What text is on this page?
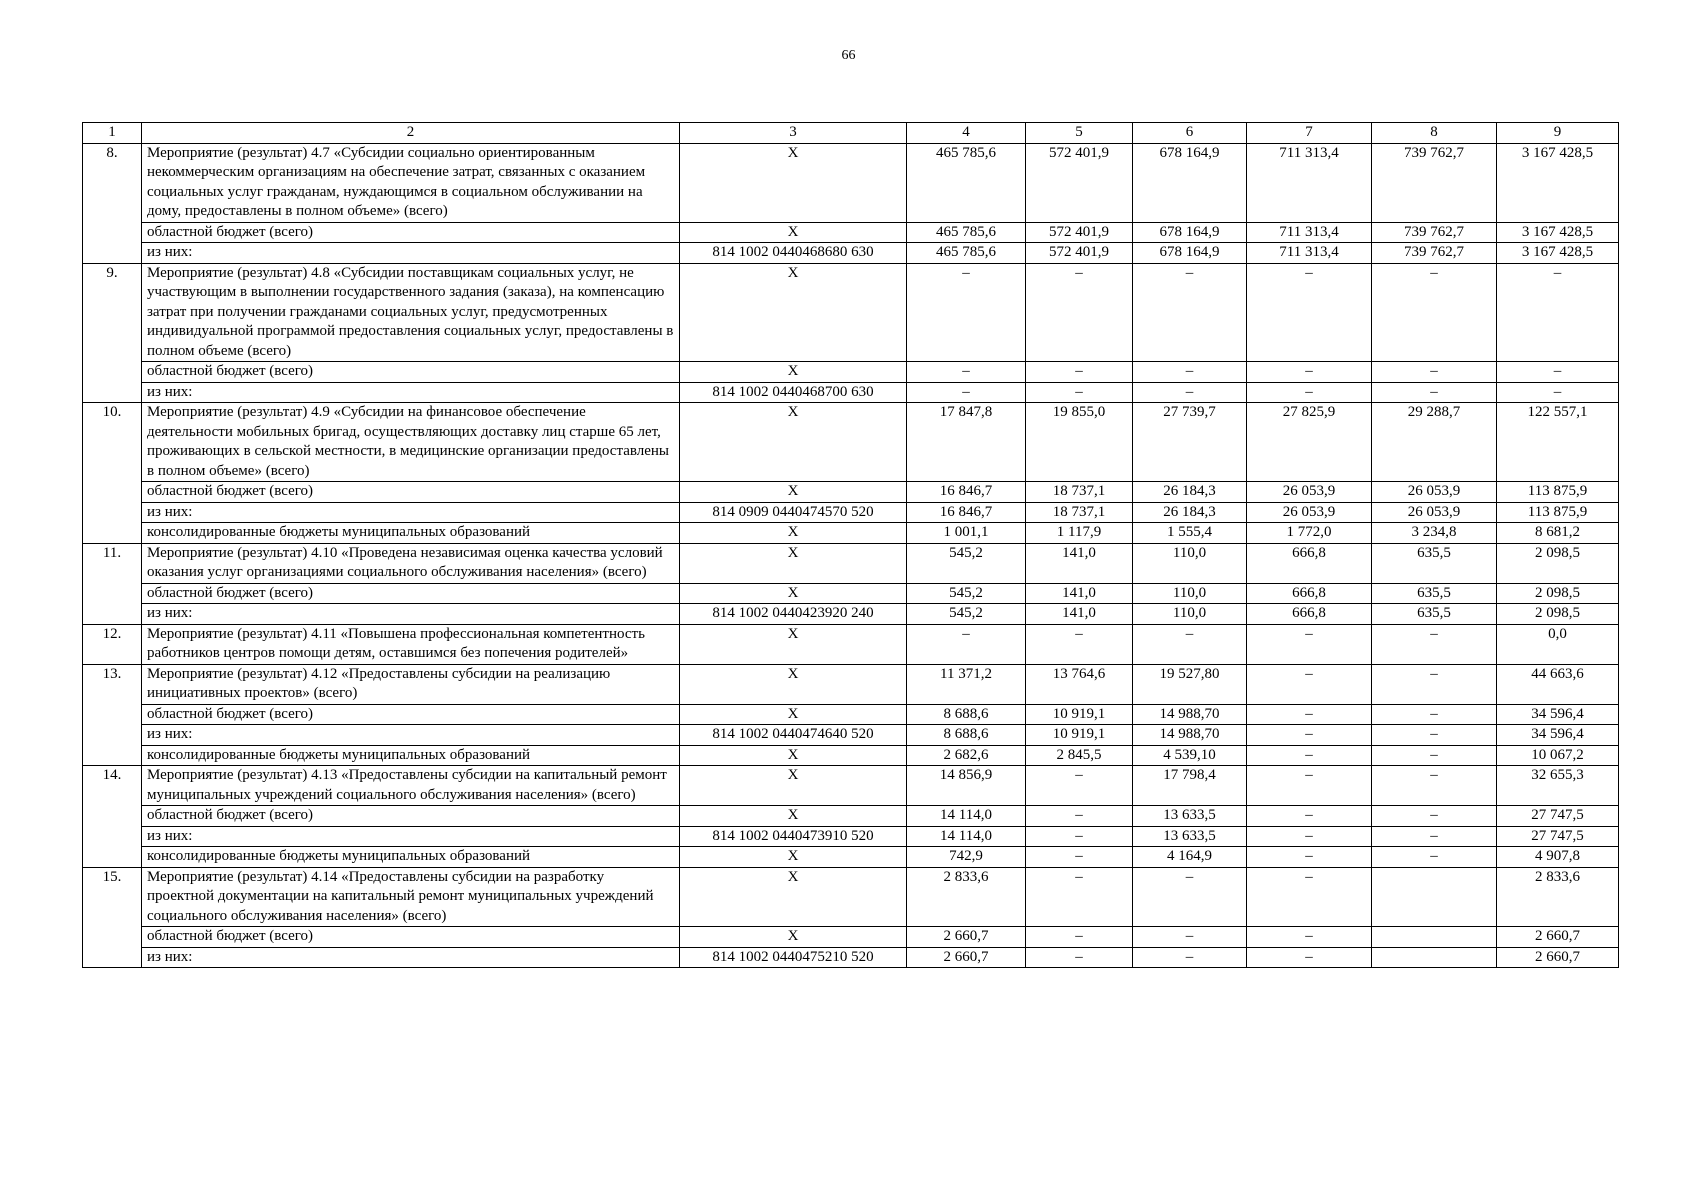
66
1	2	3	4	5	6	7	8	9
8.	Мероприятие (результат) 4.7 «Субсидии социально ориентированным некоммерческим организациям на обеспечение затрат, связанных с оказанием социальных услуг гражданам, нуждающимся в социальном обслуживании на дому, предоставлены в полном объеме» (всего)	Х	465 785,6	572 401,9	678 164,9	711 313,4	739 762,7	3 167 428,5
	областной бюджет (всего)	Х	465 785,6	572 401,9	678 164,9	711 313,4	739 762,7	3 167 428,5
	из них:	814 1002 0440468680 630	465 785,6	572 401,9	678 164,9	711 313,4	739 762,7	3 167 428,5
9.	Мероприятие (результат) 4.8 «Субсидии поставщикам социальных услуг, не участвующим в выполнении государственного задания (заказа), на компенсацию затрат при получении гражданами социальных услуг, предусмотренных индивидуальной программой предоставления социальных услуг, предоставлены в полном объеме (всего)	Х	–	–	–	–	–	–
	областной бюджет (всего)	Х	–	–	–	–	–	–
	из них:	814 1002 0440468700 630	–	–	–	–	–	–
10.	Мероприятие (результат) 4.9 «Субсидии на финансовое обеспечение деятельности мобильных бригад, осуществляющих доставку лиц старше 65 лет, проживающих в сельской местности, в медицинские организации предоставлены в полном объеме» (всего)	Х	17 847,8	19 855,0	27 739,7	27 825,9	29 288,7	122 557,1
	областной бюджет (всего)	Х	16 846,7	18 737,1	26 184,3	26 053,9	26 053,9	113 875,9
	из них:	814 0909 0440474570 520	16 846,7	18 737,1	26 184,3	26 053,9	26 053,9	113 875,9
	консолидированные бюджеты муниципальных образований	Х	1 001,1	1 117,9	1 555,4	1 772,0	3 234,8	8 681,2
11.	Мероприятие (результат) 4.10 «Проведена независимая оценка качества условий оказания услуг организациями социального обслуживания населения» (всего)	Х	545,2	141,0	110,0	666,8	635,5	2 098,5
	областной бюджет (всего)	Х	545,2	141,0	110,0	666,8	635,5	2 098,5
	из них:	814 1002 0440423920 240	545,2	141,0	110,0	666,8	635,5	2 098,5
12.	Мероприятие (результат) 4.11 «Повышена профессиональная компетентность работников центров помощи детям, оставшимся без попечения родителей»	Х	–	–	–	–	–	0,0
13.	Мероприятие (результат) 4.12 «Предоставлены субсидии на реализацию инициативных проектов» (всего)	Х	11 371,2	13 764,6	19 527,80	–	–	44 663,6
	областной бюджет (всего)	Х	8 688,6	10 919,1	14 988,70	–	–	34 596,4
	из них:	814 1002 0440474640 520	8 688,6	10 919,1	14 988,70	–	–	34 596,4
	консолидированные бюджеты муниципальных образований	Х	2 682,6	2 845,5	4 539,10	–	–	10 067,2
14.	Мероприятие (результат) 4.13 «Предоставлены субсидии на капитальный ремонт муниципальных учреждений социального обслуживания населения» (всего)	Х	14 856,9	–	17 798,4	–	–	32 655,3
	областной бюджет (всего)	Х	14 114,0	–	13 633,5	–	–	27 747,5
	из них:	814 1002 0440473910 520	14 114,0	–	13 633,5	–	–	27 747,5
	консолидированные бюджеты муниципальных образований	Х	742,9	–	4 164,9	–	–	4 907,8
15.	Мероприятие (результат) 4.14 «Предоставлены субсидии на разработку проектной документации на капитальный ремонт муниципальных учреждений социального обслуживания населения» (всего)	Х	2 833,6	–	–	–		2 833,6
	областной бюджет (всего)	Х	2 660,7	–	–	–		2 660,7
	из них:	814 1002 0440475210 520	2 660,7	–	–	–		2 660,7
